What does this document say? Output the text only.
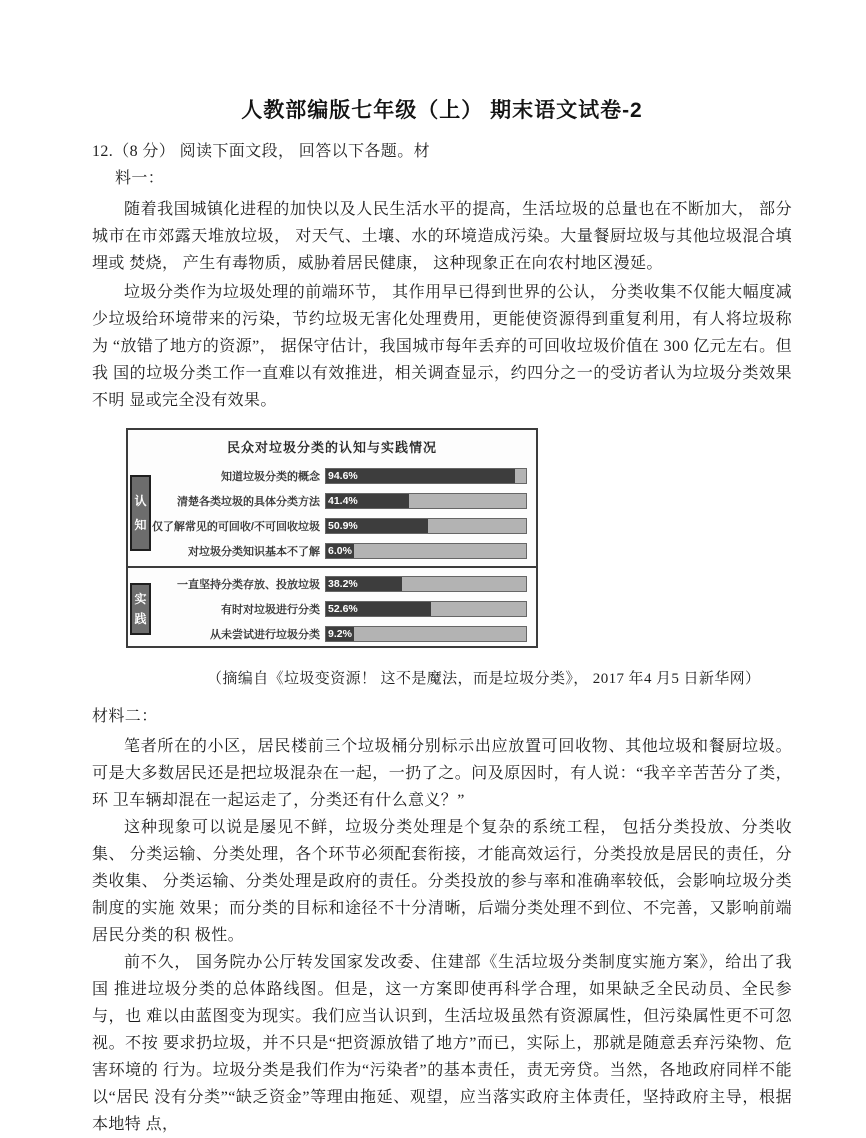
人教部编版七年级（上） 期末语文试卷-2
12.（8 分） 阅读下面文段， 回答以下各题。材
料一：

随着我国城镇化进程的加快以及人民生活水平的提高，生活垃圾的总量也在不断加大， 部分城市在市郊露天堆放垃圾， 对天气、土壤、水的环境造成污染。大量餐厨垃圾与其他垃圾混合填埋或 焚烧， 产生有毒物质，威胁着居民健康， 这种现象正在向农村地区漫延。

垃圾分类作为垃圾处理的前端环节， 其作用早已得到世界的公认， 分类收集不仅能大幅度减少垃圾给环境带来的污染，节约垃圾无害化处理费用，更能使资源得到重复利用，有人将垃圾称为 “放错了地方的资源”， 据保守估计，我国城市每年丢弃的可回收垃圾价值在 300 亿元左右。但我 国的垃圾分类工作一直难以有效推进，相关调查显示，约四分之一的受访者认为垃圾分类效果不明 显或完全没有效果。

民众对垃圾分类的认知与实践情况
认知
知道垃圾分类的概念 94.6%
清楚各类垃圾的具体分类方法 41.4%
仅了解常见的可回收/不可回收垃圾 50.9%
对垃圾分类知识基本不了解 6.0%
实践
一直坚持分类存放、投放垃圾 38.2%
有时对垃圾进行分类 52.6%
从未尝试进行垃圾分类 9.2%
（摘编自《垃圾变资源！ 这不是魔法，而是垃圾分类》， 2017 年4 月5 日新华网）
材料二：

笔者所在的小区，居民楼前三个垃圾桶分别标示出应放置可回收物、其他垃圾和餐厨垃圾。可是大多数居民还是把垃圾混杂在一起，一扔了之。问及原因时，有人说：“我辛辛苦苦分了类，环 卫车辆却混在一起运走了，分类还有什么意义？”

这种现象可以说是屡见不鲜，垃圾分类处理是个复杂的系统工程， 包括分类投放、分类收集、 分类运输、分类处理，各个环节必须配套衔接，才能高效运行，分类投放是居民的责任，分类收集、 分类运输、分类处理是政府的责任。分类投放的参与率和准确率较低，会影响垃圾分类制度的实施 效果；而分类的目标和途径不十分清晰，后端分类处理不到位、不完善，又影响前端居民分类的积 极性。

前不久， 国务院办公厅转发国家发改委、住建部《生活垃圾分类制度实施方案》，给出了我国 推进垃圾分类的总体路线图。但是，这一方案即使再科学合理，如果缺乏全民动员、全民参与，也 难以由蓝图变为现实。我们应当认识到，生活垃圾虽然有资源属性，但污染属性更不可忽视。不按 要求扔垃圾，并不只是“把资源放错了地方”而已，实际上，那就是随意丢弃污染物、危害环境的 行为。垃圾分类是我们作为“污染者”的基本责任，责无旁贷。当然，各地政府同样不能以“居民 没有分类”“缺乏资金”等理由拖延、观望，应当落实政府主体责任，坚持政府主导，根据本地特 点，
